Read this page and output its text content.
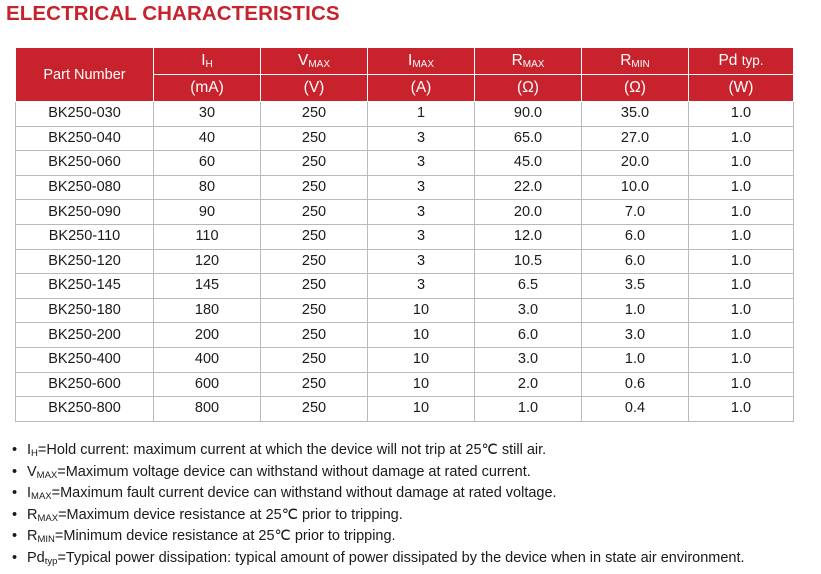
ELECTRICAL CHARACTERISTICS
Part Number	$I_H$	$V_{MAX}$	$I_{MAX}$	$R_{MAX}$	$R_{MIN}$	Pd typ.
	(mA)	(V)	(A)	(Ω)	(Ω)	(W)
BK250-030	30	250	1	90.0	35.0	1.0
BK250-040	40	250	3	65.0	27.0	1.0
BK250-060	60	250	3	45.0	20.0	1.0
BK250-080	80	250	3	22.0	10.0	1.0
BK250-090	90	250	3	20.0	7.0	1.0
BK250-110	110	250	3	12.0	6.0	1.0
BK250-120	120	250	3	10.5	6.0	1.0
BK250-145	145	250	3	6.5	3.5	1.0
BK250-180	180	250	10	3.0	1.0	1.0
BK250-200	200	250	10	6.0	3.0	1.0
BK250-400	400	250	10	3.0	1.0	1.0
BK250-600	600	250	10	2.0	0.6	1.0
BK250-800	800	250	10	1.0	0.4	1.0
• $I_H=Hold$ current: maximum current at which the device will not trip at 25℃ still air.
• $V_{MAX}=Maximum$ voltage device can withstand without damage at rated current.
• $I_{MAX}=Maximum$ fault current device can withstand without damage at rated voltage.
• $R_{MAX}=Maximum$ device resistance at 25℃ prior to tripping.
• $R_{MIN}=Minimum$ device resistance at 25℃ prior to tripping.
• $Pd_{typ}=Typical$ power dissipation: typical amount of power dissipated by the device when in state air environment.
